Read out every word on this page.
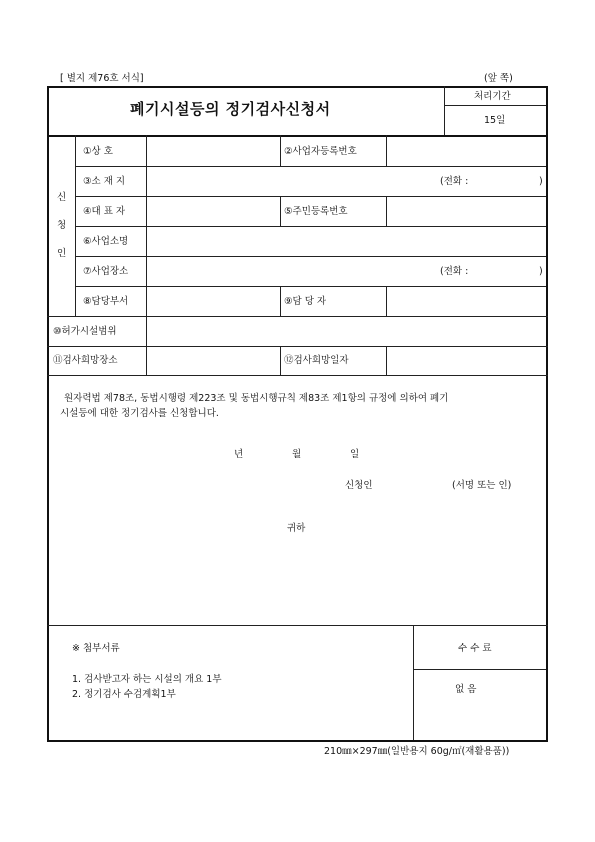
[ 별지 제76호 서식]	(앞 쪽)
폐기시설등의 정기검사신청서
처리기간
15일
신
청
인
①상 호	②사업자등록번호
③소 재 지	(전화 :	)
④대 표 자	⑤주민등록번호
⑥사업소명
⑦사업장소	(전화 :	)
⑧담당부서	⑨담 당 자
⑩허가시설범위
⑪검사희망장소	⑫검사희망일자
원자력법 제78조, 동법시행령 제223조 및 동법시행규칙 제83조 제1항의 규정에 의하여 폐기
시설등에 대한 정기검사를 신청합니다.
년	월	일
신청인	(서명 또는 인)
귀하
※ 첨부서류
1. 검사받고자 하는 시설의 개요 1부
2. 정기검사 수검계획1부
수 수 료
없 음
210㎜×297㎜(일반용지 60g/㎡(재활용품))
